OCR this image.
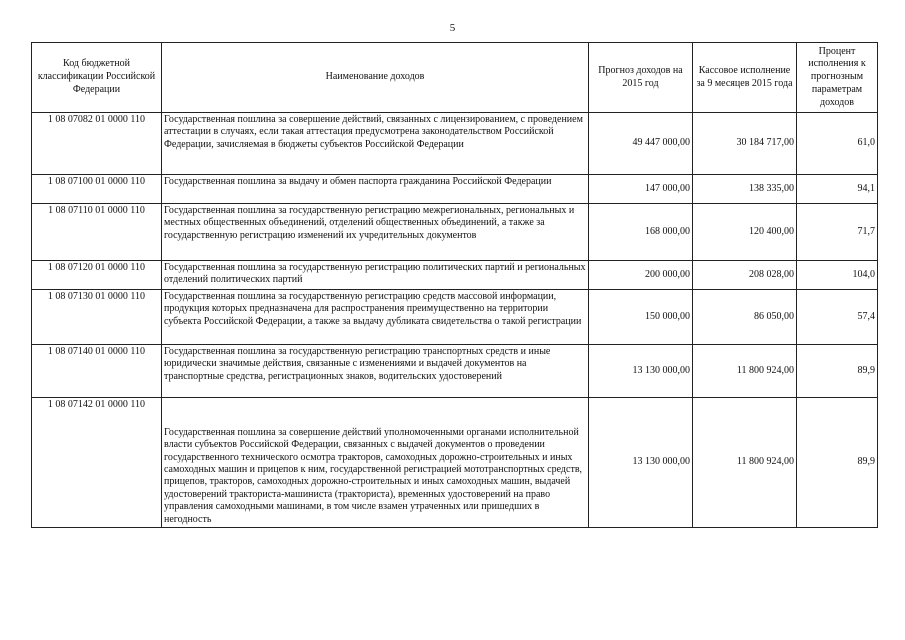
5
Код бюджетной классификации Российской Федерации	Наименование доходов	Прогноз доходов на 2015 год	Кассовое исполнение за 9 месяцев 2015 года	Процент исполнения к прогнозным параметрам доходов
1 08 07082 01 0000 110	Государственная пошлина за совершение действий, связанных с лицензированием, с проведением аттестации в случаях, если такая аттестация предусмотрена законодательством Российской Федерации, зачисляемая в бюджеты субъектов Российской Федерации	49 447 000,00	30 184 717,00	61,0
1 08 07100 01 0000 110	Государственная пошлина за выдачу и обмен паспорта гражданина Российской Федерации	147 000,00	138 335,00	94,1
1 08 07110 01 0000 110	Государственная пошлина за государственную регистрацию межрегиональных, региональных и местных общественных объединений, отделений общественных объединений, а также за государственную регистрацию изменений их учредительных документов	168 000,00	120 400,00	71,7
1 08 07120 01 0000 110	Государственная пошлина за государственную регистрацию политических партий и региональных отделений политических партий	200 000,00	208 028,00	104,0
1 08 07130 01 0000 110	Государственная пошлина за государственную регистрацию средств массовой информации, продукция которых предназначена для распространения преимущественно на территории субъекта Российской Федерации, а также за выдачу дубликата свидетельства о такой регистрации	150 000,00	86 050,00	57,4
1 08 07140 01 0000 110	Государственная пошлина за государственную регистрацию транспортных средств и иные юридически значимые действия, связанные с изменениями и выдачей документов на транспортные средства, регистрационных знаков, водительских удостоверений	13 130 000,00	11 800 924,00	89,9
1 08 07142 01 0000 110	Государственная пошлина за совершение действий уполномоченными органами исполнительной власти субъектов Российской Федерации, связанных с выдачей документов о проведении государственного технического осмотра тракторов, самоходных дорожно-строительных и иных самоходных машин и прицепов к ним, государственной регистрацией мототранспортных средств, прицепов, тракторов, самоходных дорожно-строительных и иных самоходных машин, выдачей удостоверений тракториста-машиниста (тракториста), временных удостоверений на право управления самоходными машинами, в том числе взамен утраченных или пришедших в негодность	13 130 000,00	11 800 924,00	89,9
